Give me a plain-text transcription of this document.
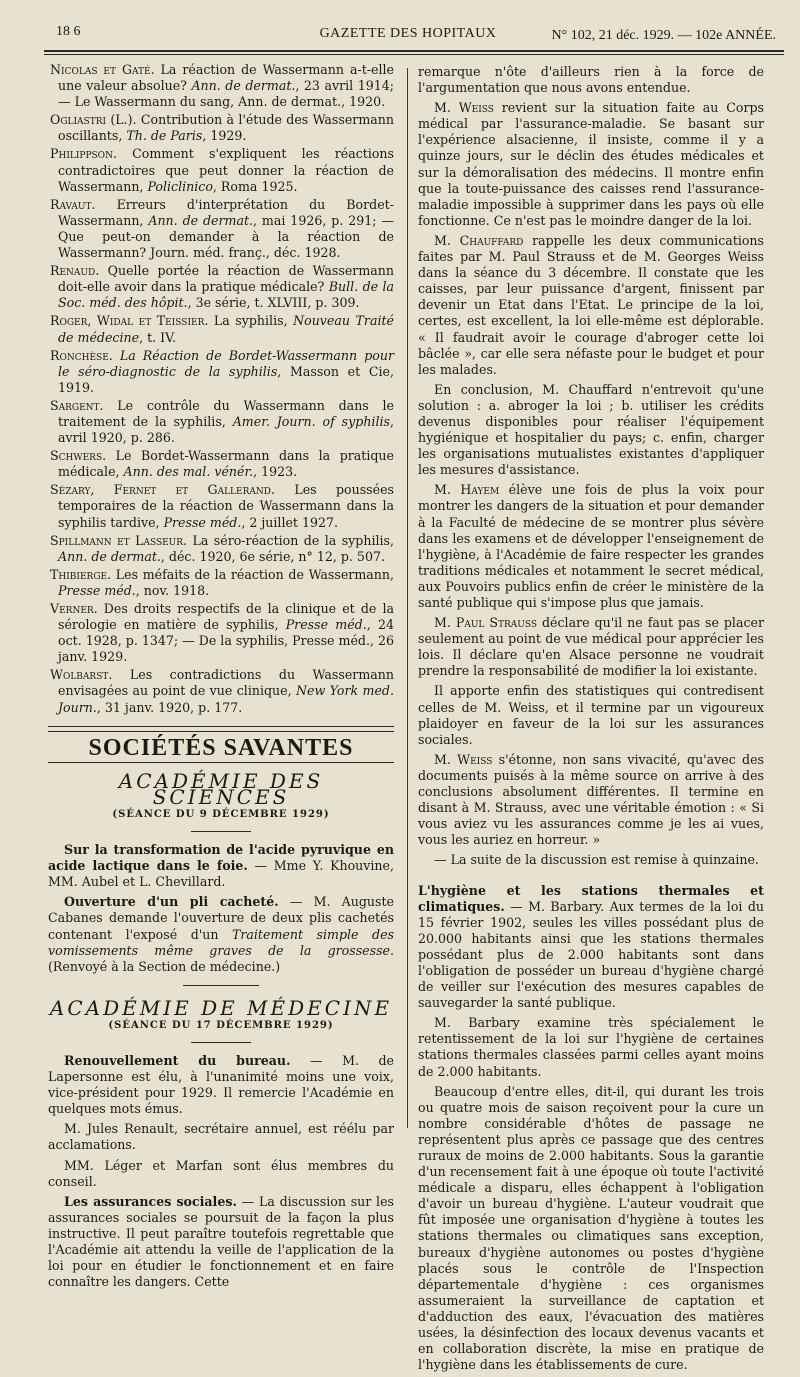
18 6	GAZETTE DES HOPITAUX	N° 102, 21 déc. 1929. — 102e ANNÉE.

Nicolas et Gaté. La réaction de Wassermann a-t-elle une valeur absolue? Ann. de dermat., 23 avril 1914; — Le Wassermann du sang, Ann. de dermat., 1920.

Ogliastri (L.). Contribution à l'étude des Wassermann oscillants, Th. de Paris, 1929.

Philippson. Comment s'expliquent les réactions contradictoires que peut donner la réaction de Wassermann, Policlinico, Roma 1925.

Ravaut. Erreurs d'interprétation du Bordet-Wassermann, Ann. de dermat., mai 1926, p. 291; — Que peut-on demander à la réaction de Wassermann? Journ. méd. franç., déc. 1928.

Renaud. Quelle portée la réaction de Wassermann doit-elle avoir dans la pratique médicale? Bull. de la Soc. méd. des hôpit., 3e série, t. XLVIII, p. 309.

Roger, Widal et Teissier. La syphilis, Nouveau Traité de médecine, t. IV.

Ronchèse. La Réaction de Bordet-Wassermann pour le séro-diagnostic de la syphilis, Masson et Cie, 1919.

Sargent. Le contrôle du Wassermann dans le traitement de la syphilis, Amer. Journ. of syphilis, avril 1920, p. 286.

Schwers. Le Bordet-Wassermann dans la pratique médicale, Ann. des mal. vénér., 1923.

Sézary, Fernet et Gallerand. Les poussées temporaires de la réaction de Wassermann dans la syphilis tardive, Presse méd., 2 juillet 1927.

Spillmann et Lasseur. La séro-réaction de la syphilis, Ann. de dermat., déc. 1920, 6e série, n° 12, p. 507.

Thibierge. Les méfaits de la réaction de Wassermann, Presse méd., nov. 1918.

Verner. Des droits respectifs de la clinique et de la sérologie en matière de syphilis, Presse méd., 24 oct. 1928, p. 1347; — De la syphilis, Presse méd., 26 janv. 1929.

Wolbarst. Les contradictions du Wassermann envisagées au point de vue clinique, New York med. Journ., 31 janv. 1920, p. 177.

SOCIÉTÉS SAVANTES
ACADÉMIE DES SCIENCES
(SÉANCE DU 9 DÉCEMBRE 1929)

Sur la transformation de l'acide pyruvique en acide lactique dans le foie. — Mme Y. Khouvine, MM. Aubel et L. Chevillard.

Ouverture d'un pli cacheté. — M. Auguste Cabanes demande l'ouverture de deux plis cachetés contenant l'exposé d'un Traitement simple des vomissements même graves de la grossesse. (Renvoyé à la Section de médecine.)

ACADÉMIE DE MÉDECINE
(SÉANCE DU 17 DÉCEMBRE 1929)

Renouvellement du bureau. — M. de Lapersonne est élu, à l'unanimité moins une voix, vice-président pour 1929. Il remercie l'Académie en quelques mots émus.

M. Jules Renault, secrétaire annuel, est réélu par acclamations.

MM. Léger et Marfan sont élus membres du conseil.

Les assurances sociales. — La discussion sur les assurances sociales se poursuit de la façon la plus instructive. Il peut paraître toutefois regrettable que l'Académie ait attendu la veille de l'application de la loi pour en étudier le fonctionnement et en faire connaître les dangers. Cette

remarque n'ôte d'ailleurs rien à la force de l'argumentation que nous avons entendue.

M. Weiss revient sur la situation faite au Corps médical par l'assurance-maladie. Se basant sur l'expérience alsacienne, il insiste, comme il y a quinze jours, sur le déclin des études médicales et sur la démoralisation des médecins. Il montre enfin que la toute-puissance des caisses rend l'assurance-maladie impossible à supprimer dans les pays où elle fonctionne. Ce n'est pas le moindre danger de la loi.

M. Chauffard rappelle les deux communications faites par M. Paul Strauss et de M. Georges Weiss dans la séance du 3 décembre. Il constate que les caisses, par leur puissance d'argent, finissent par devenir un Etat dans l'Etat. Le principe de la loi, certes, est excellent, la loi elle-même est déplorable. « Il faudrait avoir le courage d'abroger cette loi bâclée », car elle sera néfaste pour le budget et pour les malades.

En conclusion, M. Chauffard n'entrevoit qu'une solution : a. abroger la loi ; b. utiliser les crédits devenus disponibles pour réaliser l'équipement hygiénique et hospitalier du pays; c. enfin, charger les organisations mutualistes existantes d'appliquer les mesures d'assistance.

M. Hayem élève une fois de plus la voix pour montrer les dangers de la situation et pour demander à la Faculté de médecine de se montrer plus sévère dans les examens et de développer l'enseignement de l'hygiène, à l'Académie de faire respecter les grandes traditions médicales et notamment le secret médical, aux Pouvoirs publics enfin de créer le ministère de la santé publique qui s'impose plus que jamais.

M. Paul Strauss déclare qu'il ne faut pas se placer seulement au point de vue médical pour apprécier les lois. Il déclare qu'en Alsace personne ne voudrait prendre la responsabilité de modifier la loi existante.

Il apporte enfin des statistiques qui contredisent celles de M. Weiss, et il termine par un vigoureux plaidoyer en faveur de la loi sur les assurances sociales.

M. Weiss s'étonne, non sans vivacité, qu'avec des documents puisés à la même source on arrive à des conclusions absolument différentes. Il termine en disant à M. Strauss, avec une véritable émotion : « Si vous aviez vu les assurances comme je les ai vues, vous les auriez en horreur. »

— La suite de la discussion est remise à quinzaine.

L'hygiène et les stations thermales et climatiques. — M. Barbary. Aux termes de la loi du 15 février 1902, seules les villes possédant plus de 20.000 habitants ainsi que les stations thermales possédant plus de 2.000 habitants sont dans l'obligation de posséder un bureau d'hygiène chargé de veiller sur l'exécution des mesures capables de sauvegarder la santé publique.

M. Barbary examine très spécialement le retentissement de la loi sur l'hygiène de certaines stations thermales classées parmi celles ayant moins de 2.000 habitants.

Beaucoup d'entre elles, dit-il, qui durant les trois ou quatre mois de saison reçoivent pour la cure un nombre considérable d'hôtes de passage ne représentent plus après ce passage que des centres ruraux de moins de 2.000 habitants. Sous la garantie d'un recensement fait à une époque où toute l'activité médicale a disparu, elles échappent à l'obligation d'avoir un bureau d'hygiène. L'auteur voudrait que fût imposée une organisation d'hygiène à toutes les stations thermales ou climatiques sans exception, bureaux d'hygiène autonomes ou postes d'hygiène placés sous le contrôle de l'Inspection départementale d'hygiène : ces organismes assumeraient la surveillance de captation et d'adduction des eaux, l'évacuation des matières usées, la désinfection des locaux devenus vacants et en collaboration discrète, la mise en pratique de l'hygiène dans les établissements de cure.
